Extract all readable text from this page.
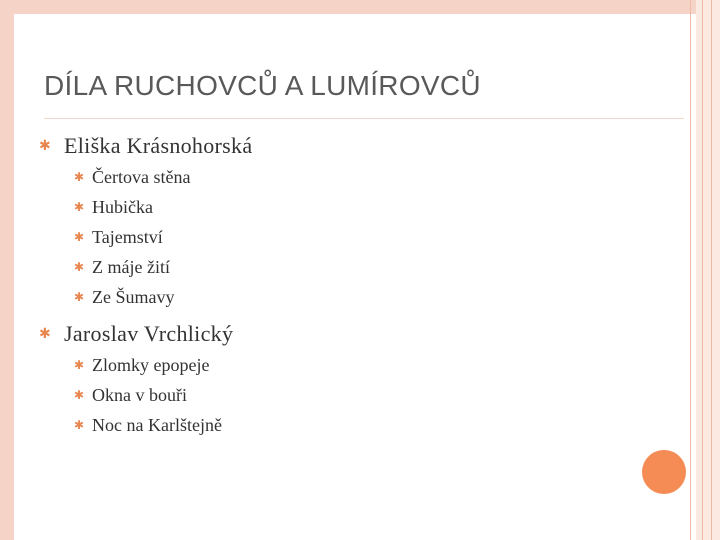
DÍLA RUCHOVCŮ A LUMÍROVCŮ
✱ Eliška Krásnohorská
✱ Čertova stěna
✱ Hubička
✱ Tajemství
✱ Z máje žití
✱ Ze Šumavy
✱ Jaroslav Vrchlický
✱ Zlomky epopeje
✱ Okna v bouři
✱ Noc na Karlštejně
